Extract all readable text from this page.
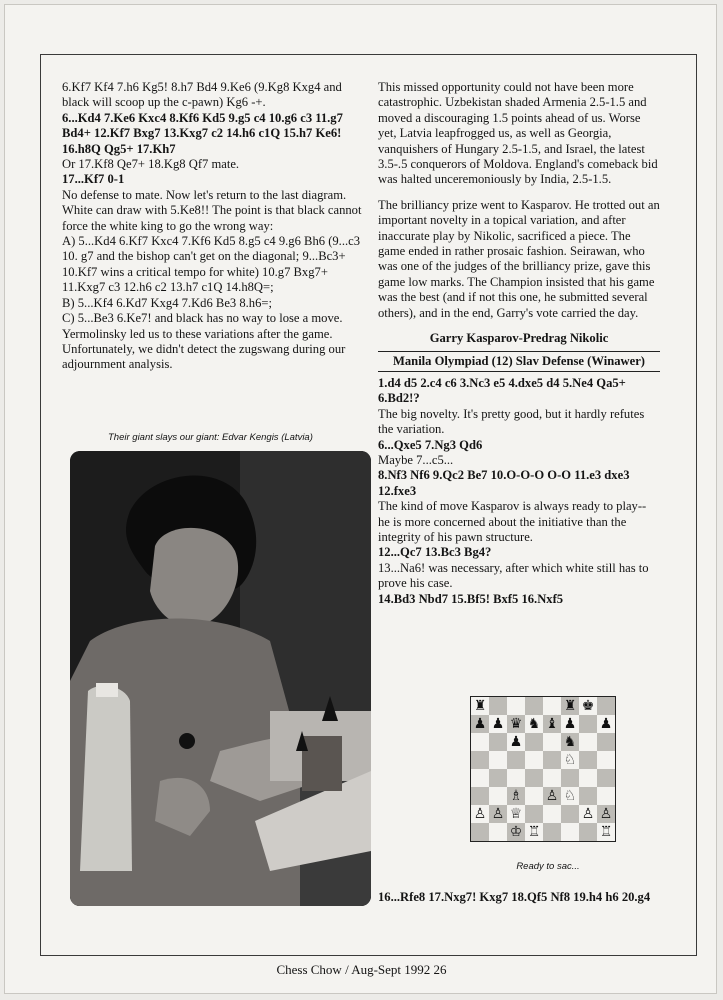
6.Kf7 Kf4 7.h6 Kg5! 8.h7 Bd4 9.Ke6 (9.Kg8 Kxg4 and black will scoop up the c-pawn) Kg6 -+.

6...Kd4 7.Ke6 Kxc4 8.Kf6 Kd5 9.g5 c4 10.g6 c3 11.g7 Bd4+ 12.Kf7 Bxg7 13.Kxg7 c2 14.h6 c1Q 15.h7 Ke6! 16.h8Q Qg5+ 17.Kh7

Or 17.Kf8 Qe7+ 18.Kg8 Qf7 mate.

17...Kf7 0-1

No defense to mate. Now let's return to the last diagram. White can draw with 5.Ke8!! The point is that black cannot force the white king to go the wrong way:

A) 5...Kd4 6.Kf7 Kxc4 7.Kf6 Kd5 8.g5 c4 9.g6 Bh6 (9...c3 10. g7 and the bishop can't get on the diagonal; 9...Bc3+ 10.Kf7 wins a critical tempo for white) 10.g7 Bxg7+ 11.Kxg7 c3 12.h6 c2 13.h7 c1Q 14.h8Q=;

B) 5...Kf4 6.Kd7 Kxg4 7.Kd6 Be3 8.h6=;

C) 5...Be3 6.Ke7! and black has no way to lose a move. Yermolinsky led us to these variations after the game. Unfortunately, we didn't detect the zugswang during our adjournment analysis.

Their giant slays our giant: Edvar Kengis (Latvia)

This missed opportunity could not have been more catastrophic. Uzbekistan shaded Armenia 2.5-1.5 and moved a discouraging 1.5 points ahead of us. Worse yet, Latvia leapfrogged us, as well as Georgia, vanquishers of Hungary 2.5-1.5, and Israel, the latest 3.5-.5 conquerors of Moldova. England's comeback bid was halted unceremoniously by India, 2.5-1.5.

The brilliancy prize went to Kasparov. He trotted out an important novelty in a topical variation, and after inaccurate play by Nikolic, sacrificed a piece. The game ended in rather prosaic fashion. Seirawan, who was one of the judges of the brilliancy prize, gave this game low marks. The Champion insisted that his game was the best (and if not this one, he submitted several others), and in the end, Garry's vote carried the day.

Garry Kasparov-Predrag Nikolic
Manila Olympiad (12) Slav Defense (Winawer)

1.d4 d5 2.c4 c6 3.Nc3 e5 4.dxe5 d4 5.Ne4 Qa5+ 6.Bd2!?

The big novelty. It's pretty good, but it hardly refutes the variation.

6...Qxe5 7.Ng3 Qd6

Maybe 7...c5...

8.Nf3 Nf6 9.Qc2 Be7 10.O-O-O O-O 11.e3 dxe3 12.fxe3

The kind of move Kasparov is always ready to play-- he is more concerned about the initiative than the integrity of his pawn structure.

12...Qc7 13.Bc3 Bg4?

13...Na6! was necessary, after which white still has to prove his case.

14.Bd3 Nbd7 15.Bf5! Bxf5 16.Nxf5

♜	♜ ♚
♟ ♟ ♛ ♞ ♝ ♟ ♟
♟	♞
♘
♗ ♙ ♘
♙ ♙ ♕	♙ ♙
♔ ♖	♖
Ready to sac...
16...Rfe8 17.Nxg7! Kxg7 18.Qf5 Nf8 19.h4 h6 20.g4
Chess Chow / Aug-Sept 1992 26
